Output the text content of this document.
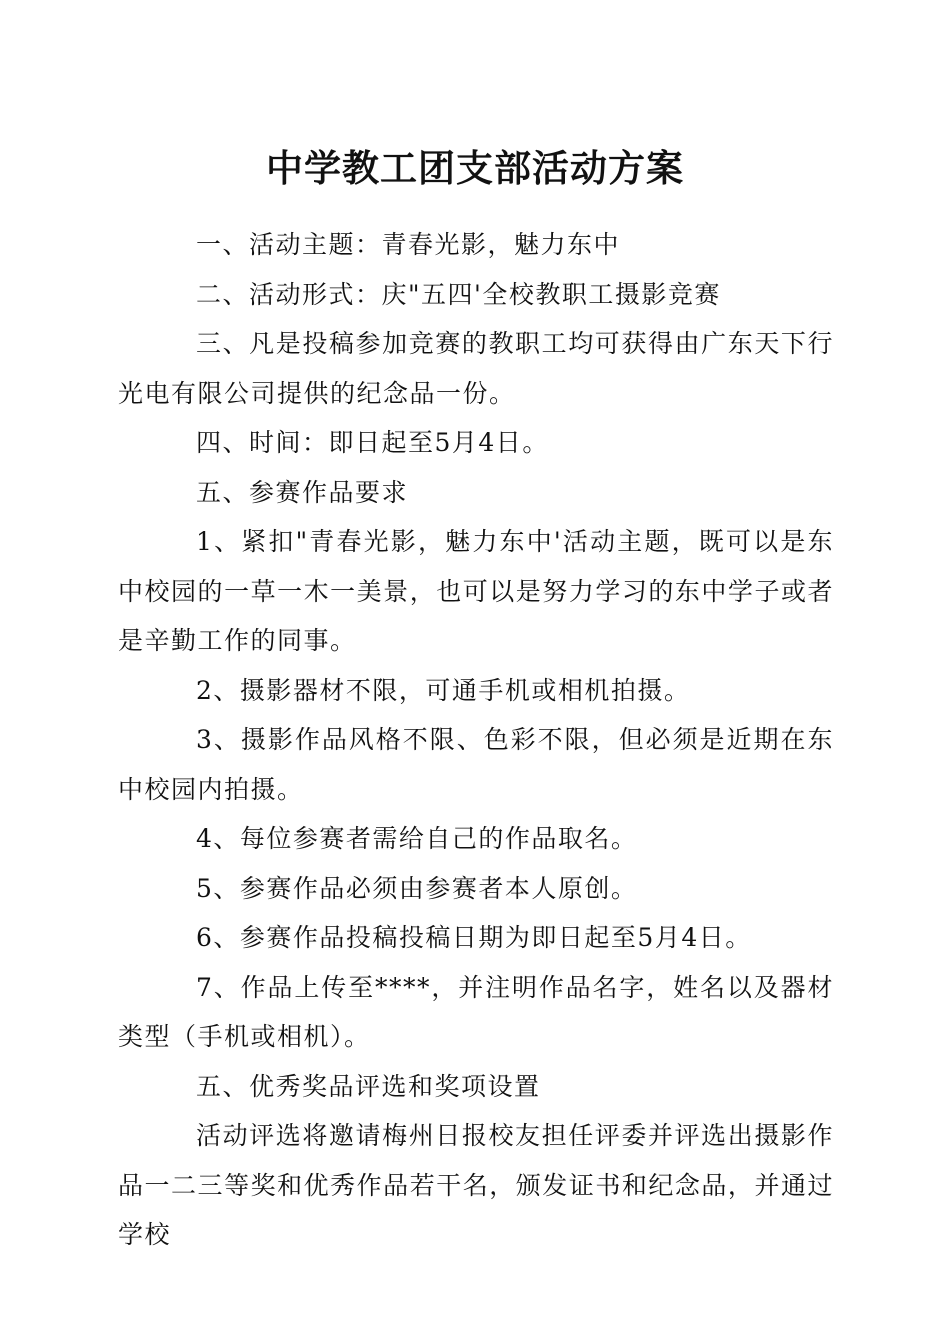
中学教工团支部活动方案

一、活动主题：青春光影，魅力东中

二、活动形式：庆"五四'全校教职工摄影竞赛

三、凡是投稿参加竞赛的教职工均可获得由广东天下行光电有限公司提供的纪念品一份。

四、时间：即日起至5月4日。

五、参赛作品要求

1、紧扣"青春光影，魅力东中'活动主题，既可以是东中校园的一草一木一美景，也可以是努力学习的东中学子或者是辛勤工作的同事。

2、摄影器材不限，可通手机或相机拍摄。

3、摄影作品风格不限、色彩不限，但必须是近期在东中校园内拍摄。

4、每位参赛者需给自己的作品取名。

5、参赛作品必须由参赛者本人原创。

6、参赛作品投稿投稿日期为即日起至5月4日。

7、作品上传至****，并注明作品名字，姓名以及器材类型（手机或相机）。

五、优秀奖品评选和奖项设置

活动评选将邀请梅州日报校友担任评委并评选出摄影作品一二三等奖和优秀作品若干名，颁发证书和纪念品，并通过学校
